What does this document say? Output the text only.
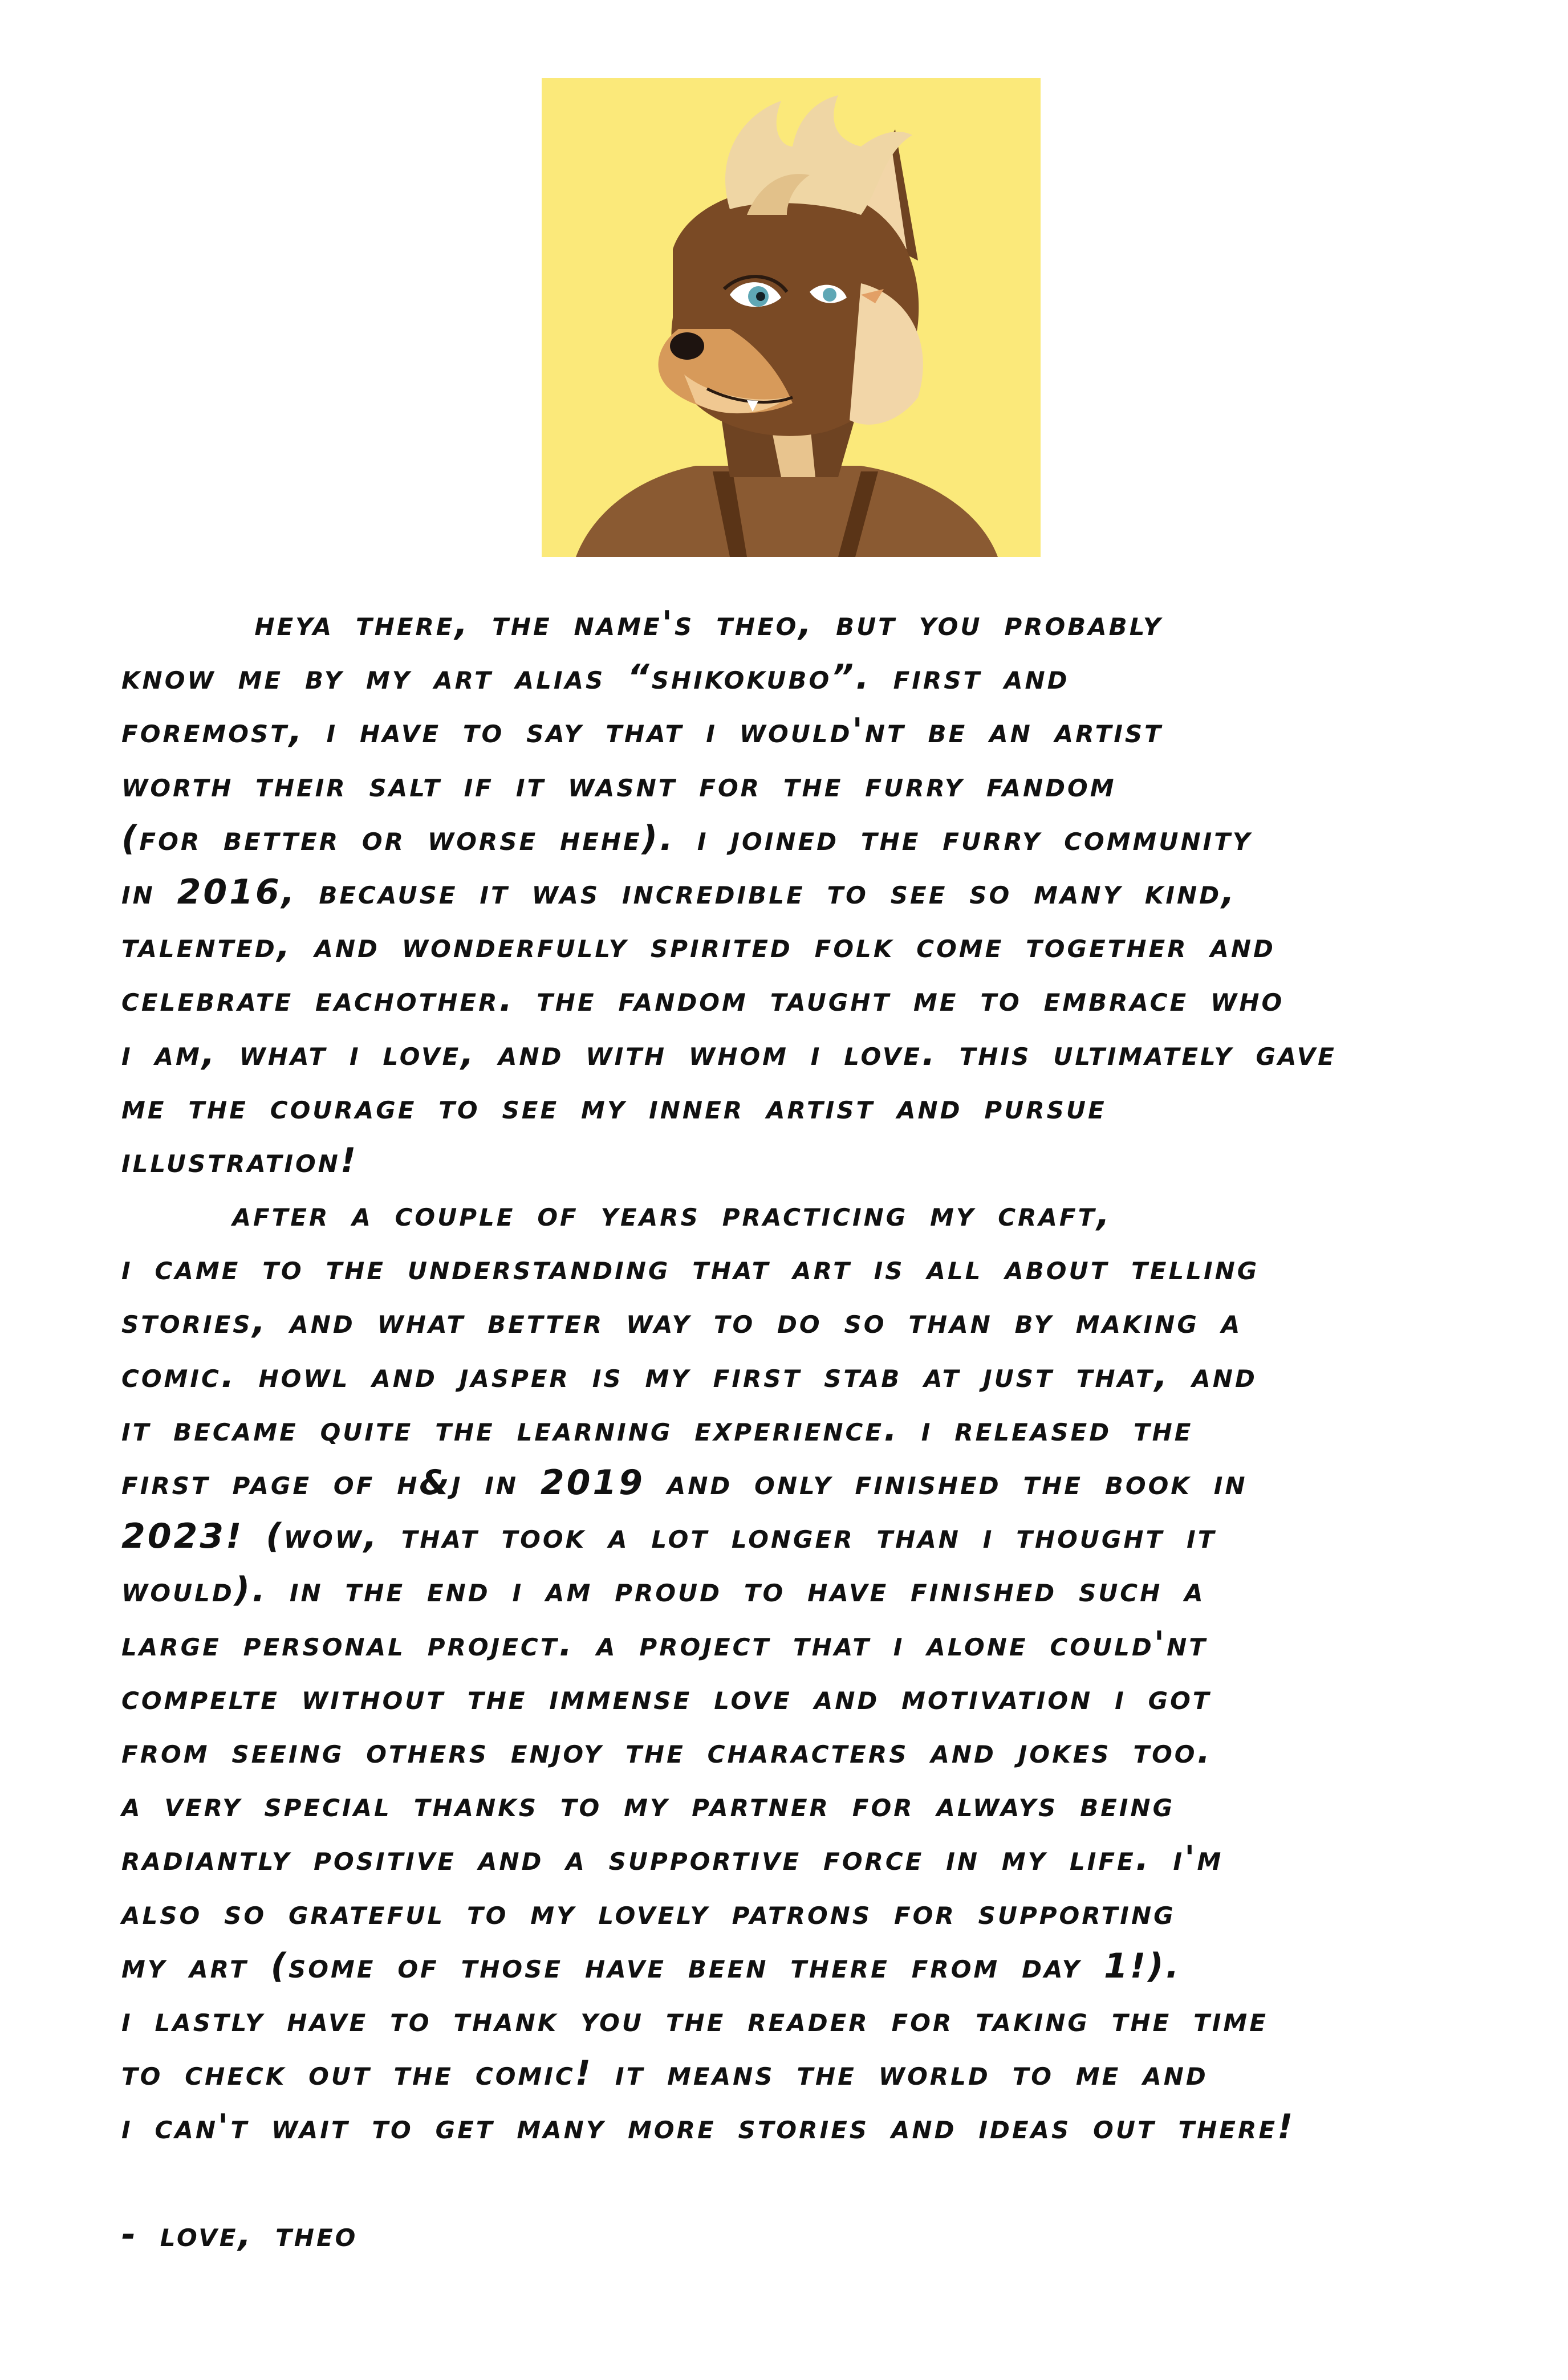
heya there, the name's theo, but you probably
know me by my art alias “shikokubo”. first and
foremost, i have to say that i would'nt be an artist
worth their salt if it wasnt for the furry fandom
(for better or worse hehe). i joined the furry community
in 2016, because it was incredible to see so many kind,
talented, and wonderfully spirited folk come together and
celebrate eachother. the fandom taught me to embrace who
i am, what i love, and with whom i love. this ultimately gave
me the courage to see my inner artist and pursue
illustration!
after a couple of years practicing my craft,
i came to the understanding that art is all about telling
stories, and what better way to do so than by making a
comic. howl and jasper is my first stab at just that, and
it became quite the learning experience. i released the
first page of h&j in 2019 and only finished the book in
2023! (wow, that took a lot longer than i thought it
would). in the end i am proud to have finished such a
large personal project. a project that i alone could'nt
compelte without the immense love and motivation i got
from seeing others enjoy the characters and jokes too.
a very special thanks to my partner for always being
radiantly positive and a supportive force in my life. i'm
also so grateful to my lovely patrons for supporting
my art (some of those have been there from day 1!).
i lastly have to thank you the reader for taking the time
to check out the comic! it means the world to me and
i can't wait to get many more stories and ideas out there!
- love, theo
